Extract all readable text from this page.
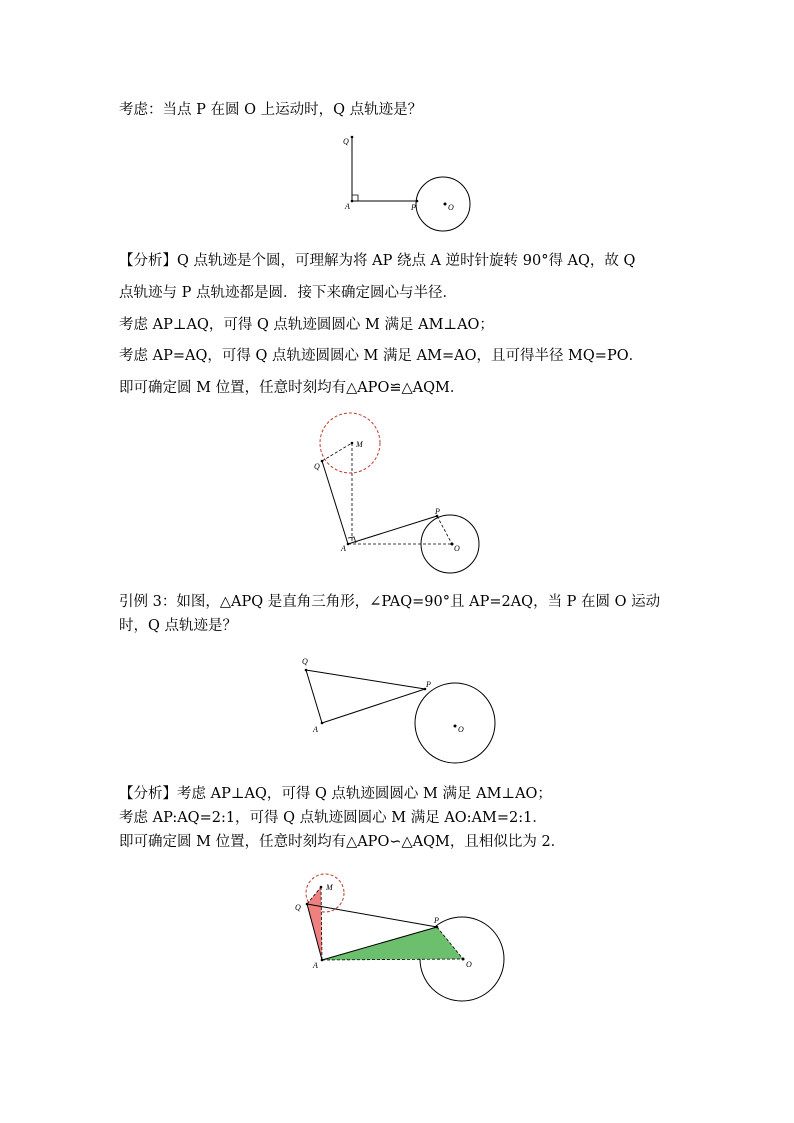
考虑：当点 P 在圆 O 上运动时，Q 点轨迹是？
Q
A	P	O
【分析】Q 点轨迹是个圆，可理解为将 AP 绕点 A 逆时针旋转 90°得 AQ，故 Q
点轨迹与 P 点轨迹都是圆．接下来确定圆心与半径．
考虑 AP⊥AQ，可得 Q 点轨迹圆圆心 M 满足 AM⊥AO；
考虑 AP=AQ，可得 Q 点轨迹圆圆心 M 满足 AM=AO，且可得半径 MQ=PO．
即可确定圆 M 位置，任意时刻均有△APO≌△AQM．
M
Q
A
P
O
引例 3：如图，△APQ 是直角三角形，∠PAQ=90°且 AP=2AQ，当 P 在圆 O 运动
时，Q 点轨迹是？
Q
A
P
O
【分析】考虑 AP⊥AQ，可得 Q 点轨迹圆圆心 M 满足 AM⊥AO；
考虑 AP:AQ=2:1，可得 Q 点轨迹圆圆心 M 满足 AO:AM=2:1．
即可确定圆 M 位置，任意时刻均有△APO∽△AQM，且相似比为 2．
M
Q
A
P
O
